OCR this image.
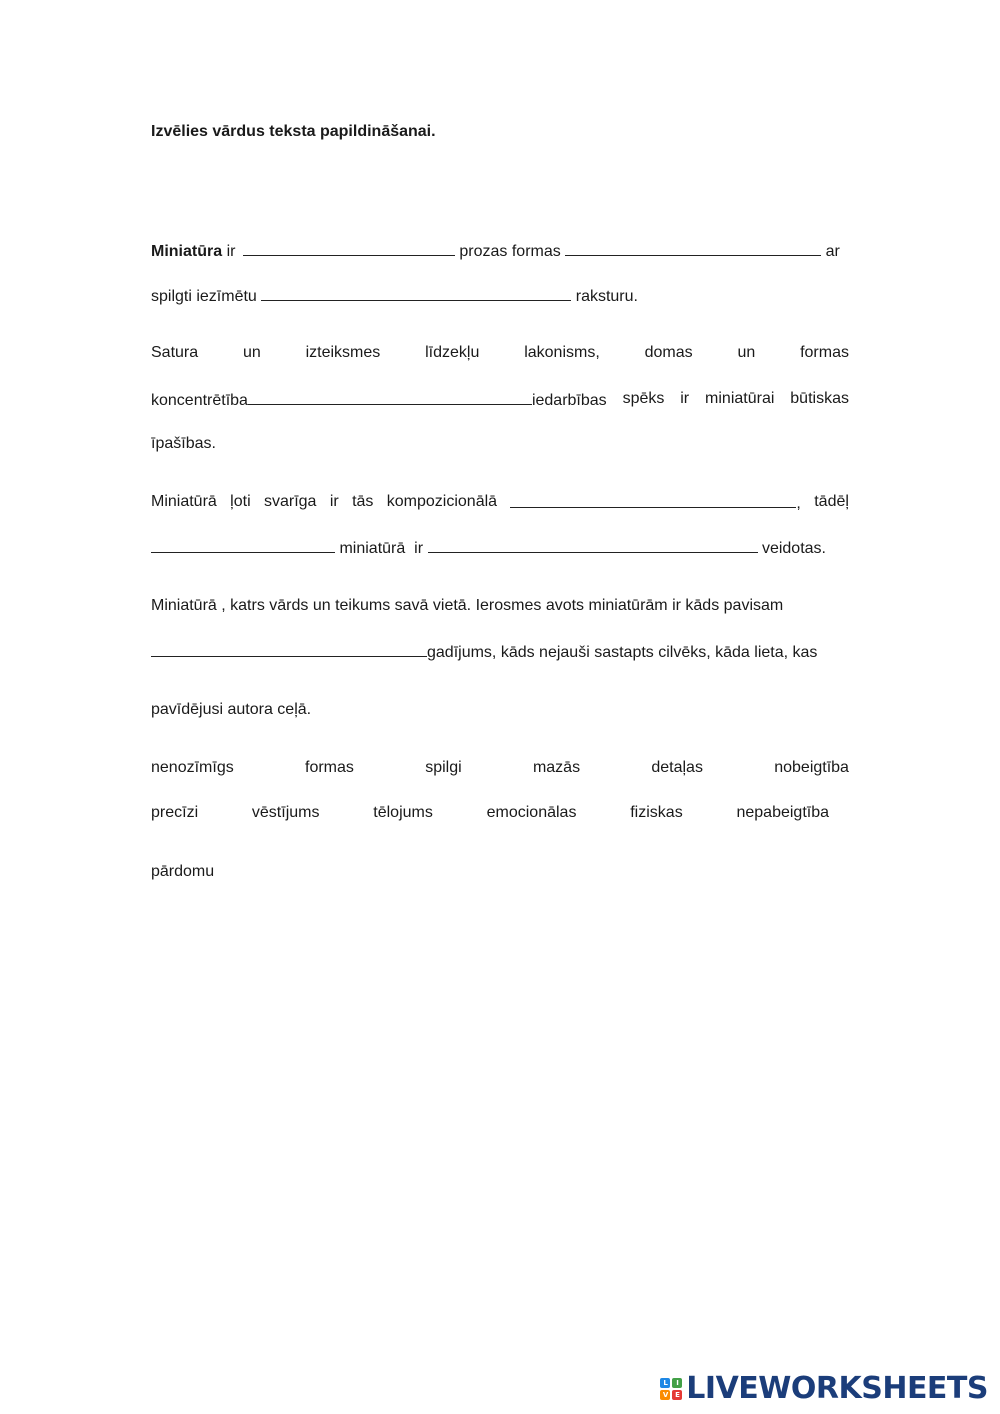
Izvēlies vārdus teksta papildināšanai.
Miniatūra ir	prozas formas	ar
spilgti iezīmētu	raksturu.
Satura	un	izteiksmes	līdzekļu	lakonisms,	domas	un	formas
koncentrētība	iedarbības spēks ir miniatūrai būtiskas
īpašības.
Miniatūrā ļoti svarīga ir tās kompozicionālā	, tādēļ
miniatūrā ir	veidotas.
Miniatūrā , katrs vārds un teikums savā vietā. Ierosmes avots miniatūrām ir kāds pavisam
gadījums, kāds nejauši sastapts cilvēks, kāda lieta, kas
pavīdējusi autora ceļā.
nenozīmīgs	formas	spilgi	mazās	detaļas	nobeigtība
precīzi	vēstījums	tēlojums	emocionālas	fiziskas	nepabeigtība
pārdomu
L	I
V	E LIVEWORKSHEETS
